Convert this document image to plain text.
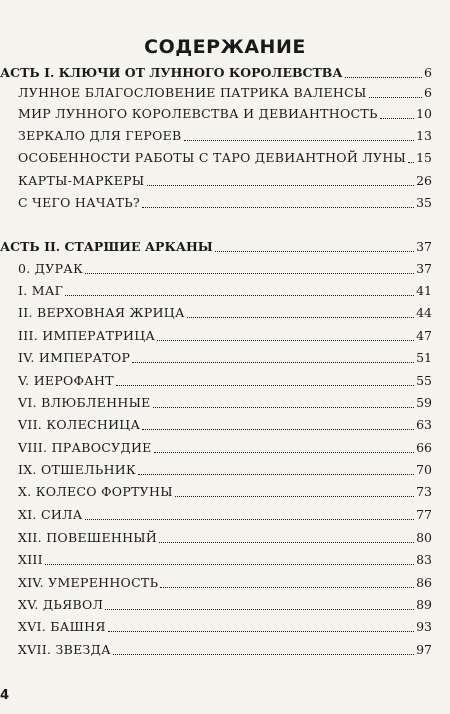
СОДЕРЖАНИЕ
АСТЬ I. КЛЮЧИ ОТ ЛУННОГО КОРОЛЕВСТВА	6
ЛУННОЕ БЛАГОСЛОВЕНИЕ ПАТРИКА ВАЛЕНСЫ	6
МИР ЛУННОГО КОРОЛЕВСТВА И ДЕВИАНТНОСТЬ	10
ЗЕРКАЛО ДЛЯ ГЕРОЕВ	13
ОСОБЕННОСТИ РАБОТЫ С ТАРО ДЕВИАНТНОЙ ЛУНЫ 15
КАРТЫ-МАРКЕРЫ	26
С ЧЕГО НАЧАТЬ?	35
АСТЬ II. СТАРШИЕ АРКАНЫ	37
0. ДУРАК	37
I. МАГ	41
II. ВЕРХОВНАЯ ЖРИЦА	44
III. ИМПЕРАТРИЦА	47
IV. ИМПЕРАТОР	51
V. ИЕРОФАНТ	55
VI. ВЛЮБЛЕННЫЕ	59
VII. КОЛЕСНИЦА	63
VIII. ПРАВОСУДИЕ	66
IX. ОТШЕЛЬНИК	70
X. КОЛЕСО ФОРТУНЫ	73
XI. СИЛА	77
XII. ПОВЕШЕННЫЙ	80
XIII	83
XIV. УМЕРЕННОСТЬ	86
XV. ДЬЯВОЛ	89
XVI. БАШНЯ	93
XVII. ЗВЕЗДА	97
4
